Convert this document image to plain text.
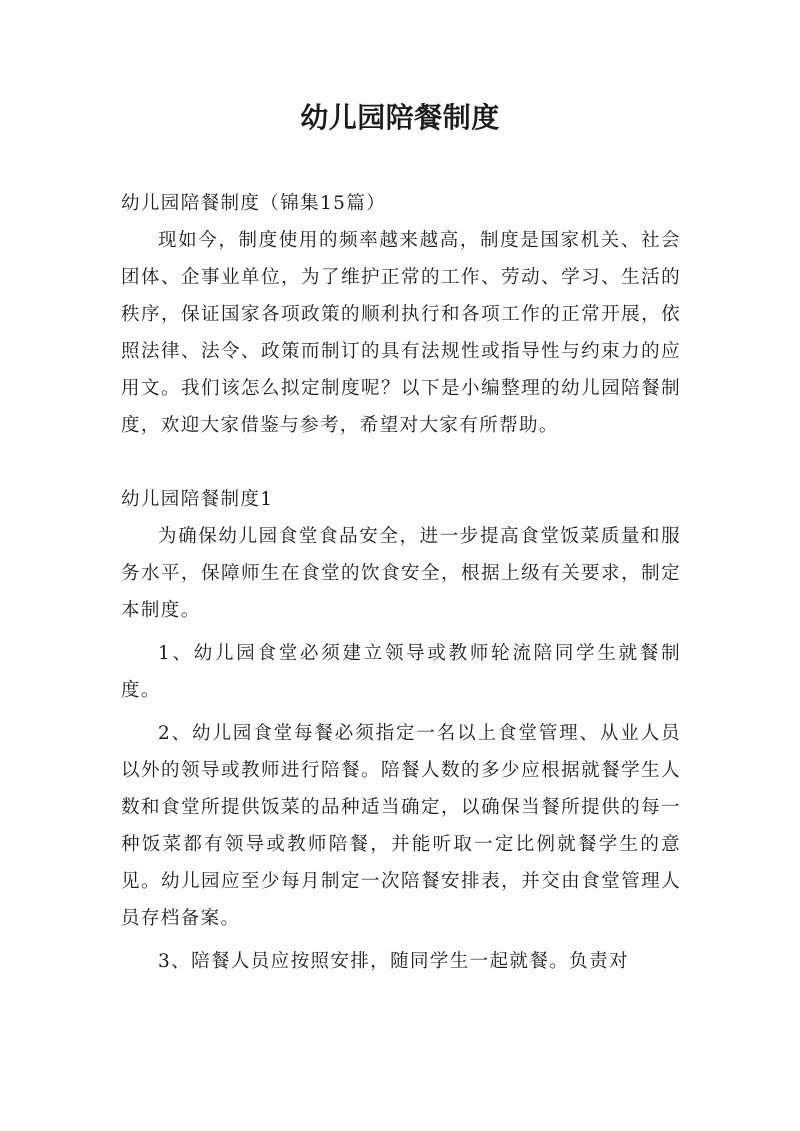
幼儿园陪餐制度

幼儿园陪餐制度（锦集15篇）

现如今，制度使用的频率越来越高，制度是国家机关、社会团体、企事业单位，为了维护正常的工作、劳动、学习、生活的秩序，保证国家各项政策的顺利执行和各项工作的正常开展，依照法律、法令、政策而制订的具有法规性或指导性与约束力的应用文。我们该怎么拟定制度呢？以下是小编整理的幼儿园陪餐制度，欢迎大家借鉴与参考，希望对大家有所帮助。

幼儿园陪餐制度1

为确保幼儿园食堂食品安全，进一步提高食堂饭菜质量和服务水平，保障师生在食堂的饮食安全，根据上级有关要求，制定本制度。

1、幼儿园食堂必须建立领导或教师轮流陪同学生就餐制度。

2、幼儿园食堂每餐必须指定一名以上食堂管理、从业人员以外的领导或教师进行陪餐。陪餐人数的多少应根据就餐学生人数和食堂所提供饭菜的品种适当确定，以确保当餐所提供的每一种饭菜都有领导或教师陪餐，并能听取一定比例就餐学生的意见。幼儿园应至少每月制定一次陪餐安排表，并交由食堂管理人员存档备案。

3、陪餐人员应按照安排，随同学生一起就餐。负责对
